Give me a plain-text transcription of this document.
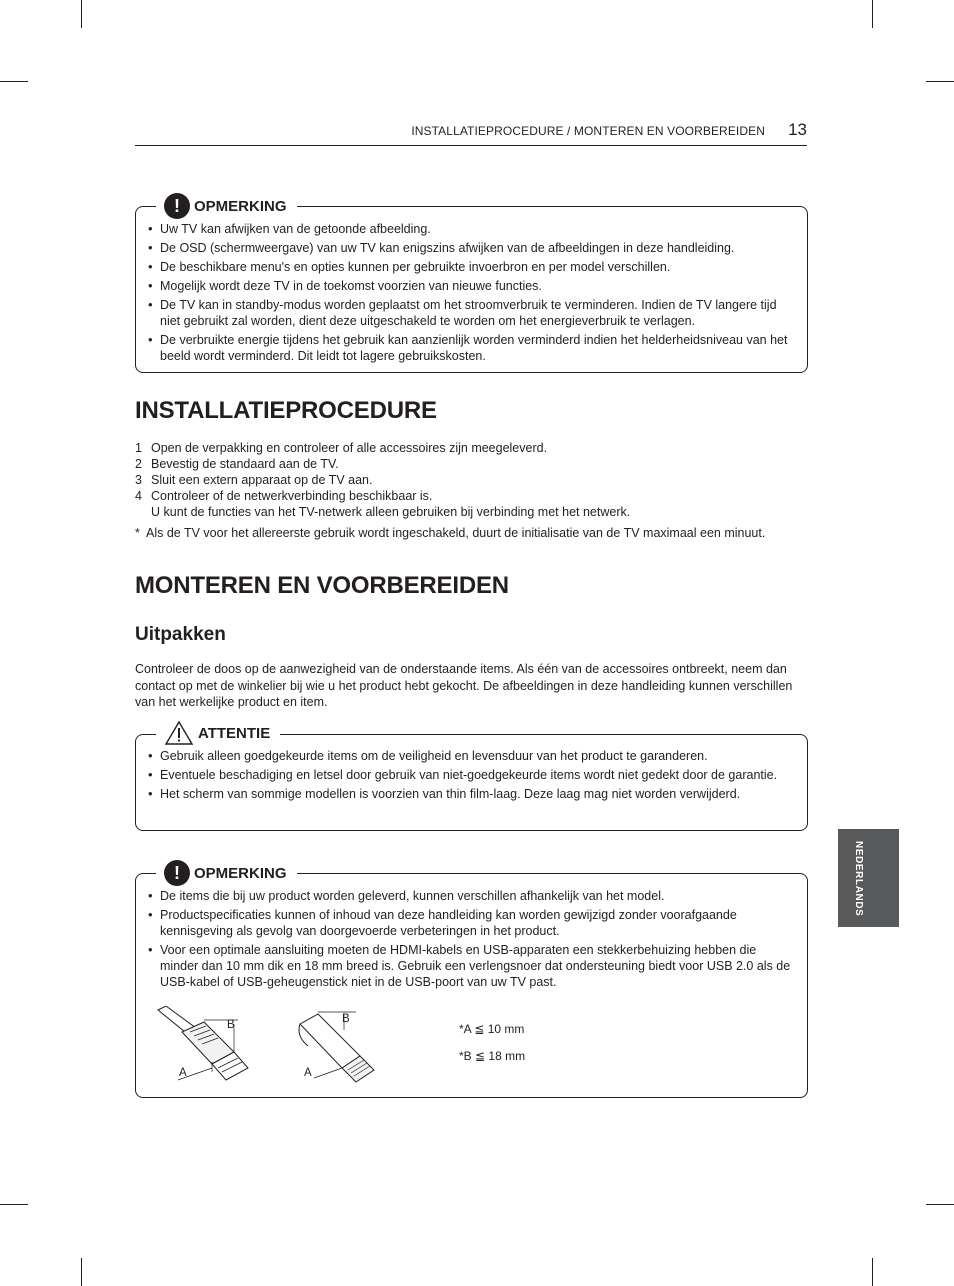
INSTALLATIEPROCEDURE / MONTEREN EN VOORBEREIDEN 13
NEDERLANDS
! OPMERKING
• Uw TV kan afwijken van de getoonde afbeelding.
• De OSD (schermweergave) van uw TV kan enigszins afwijken van de afbeeldingen in deze handleiding.
• De beschikbare menu's en opties kunnen per gebruikte invoerbron en per model verschillen.
• Mogelijk wordt deze TV in de toekomst voorzien van nieuwe functies.
• De TV kan in standby-modus worden geplaatst om het stroomverbruik te verminderen. Indien de TV langere tijd niet gebruikt zal worden, dient deze uitgeschakeld te worden om het energieverbruik te verlagen.
• De verbruikte energie tijdens het gebruik kan aanzienlijk worden verminderd indien het helderheidsniveau van het beeld wordt verminderd. Dit leidt tot lagere gebruikskosten.
INSTALLATIEPROCEDURE
1 Open de verpakking en controleer of alle accessoires zijn meegeleverd.
2 Bevestig de standaard aan de TV.
3 Sluit een extern apparaat op de TV aan.
4 Controleer of de netwerkverbinding beschikbaar is.
U kunt de functies van het TV-netwerk alleen gebruiken bij verbinding met het netwerk.
* Als de TV voor het allereerste gebruik wordt ingeschakeld, duurt de initialisatie van de TV maximaal een minuut.
MONTEREN EN VOORBEREIDEN
Uitpakken
Controleer de doos op de aanwezigheid van de onderstaande items. Als één van de accessoires ontbreekt, neem dan contact op met de winkelier bij wie u het product hebt gekocht. De afbeeldingen in deze handleiding kunnen verschillen van het werkelijke product en item.
ATTENTIE
• Gebruik alleen goedgekeurde items om de veiligheid en levensduur van het product te garanderen.
• Eventuele beschadiging en letsel door gebruik van niet-goedgekeurde items wordt niet gedekt door de garantie.
• Het scherm van sommige modellen is voorzien van thin film-laag. Deze laag mag niet worden verwijderd.
! OPMERKING
• De items die bij uw product worden geleverd, kunnen verschillen afhankelijk van het model.
• Productspecificaties kunnen of inhoud van deze handleiding kan worden gewijzigd zonder voorafgaande kennisgeving als gevolg van doorgevoerde verbeteringen in het product.
• Voor een optimale aansluiting moeten de HDMI-kabels en USB-apparaten een stekkerbehuizing hebben die minder dan 10 mm dik en 18 mm breed is. Gebruik een verlengsnoer dat ondersteuning biedt voor USB 2.0 als de USB-kabel of USB-geheugenstick niet in de USB-poort van uw TV past.
A
B
A
B
*A ≦ 10 mm
*B ≦ 18 mm
